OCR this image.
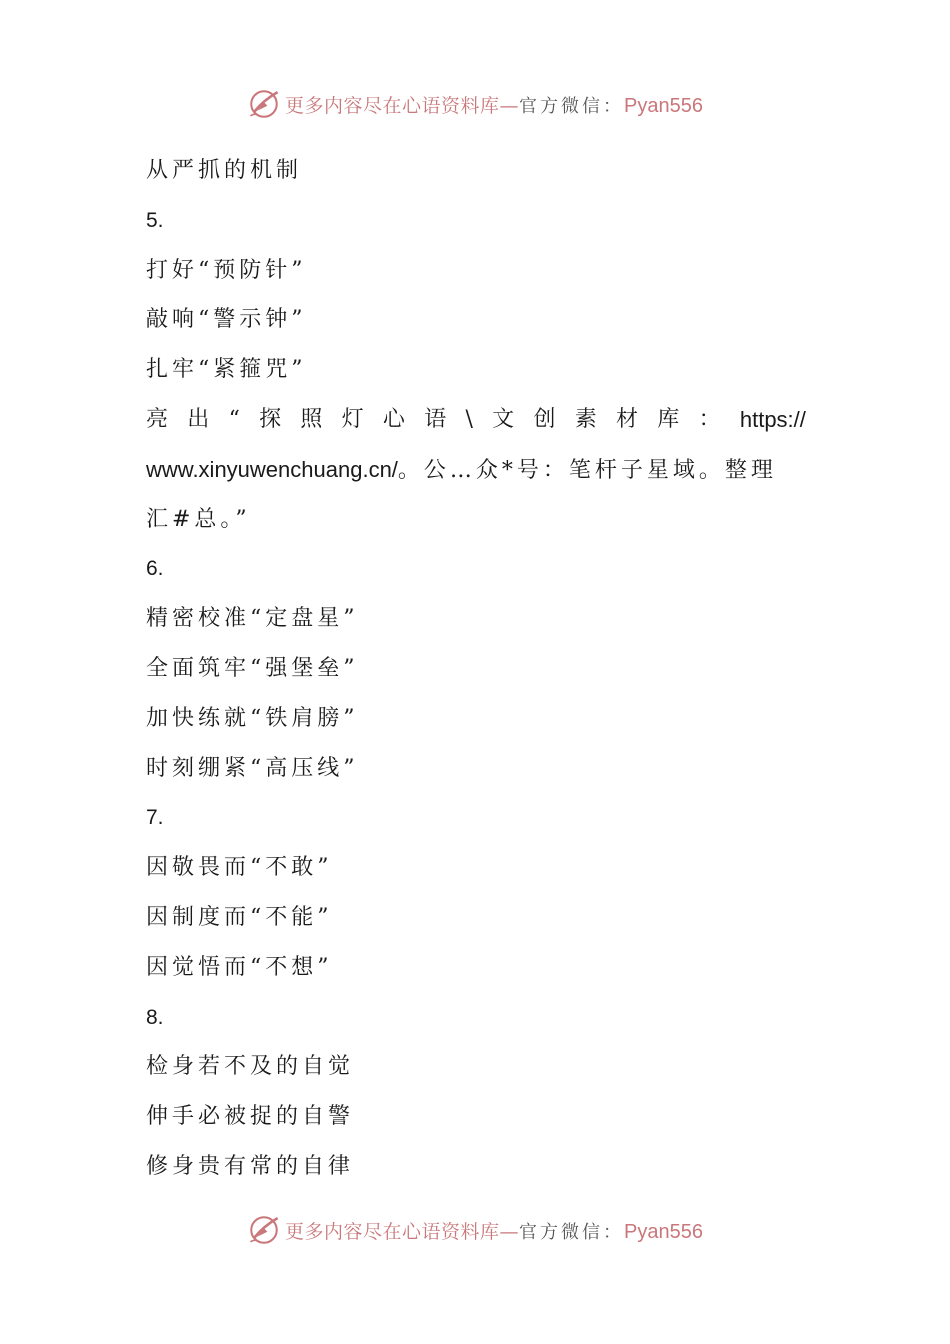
更多内容尽在心语资料库—官方微信：Pyan556
从严抓的机制
5.
打好“预防针”
敲响“警示钟”
扎牢“紧箍咒”
亮 出 “ 探 照 灯 心 语 \ 文 创 素 材 库 ： https://
www.xinyuwenchuang.cn/。公…众*号：笔杆子星域。整理
汇#总。”
6.
精密校准“定盘星”
全面筑牢“强堡垒”
加快练就“铁肩膀”
时刻绷紧“高压线”
7.
因敬畏而“不敢”
因制度而“不能”
因觉悟而“不想”
8.
检身若不及的自觉
伸手必被捉的自警
修身贵有常的自律
更多内容尽在心语资料库—官方微信：Pyan556
